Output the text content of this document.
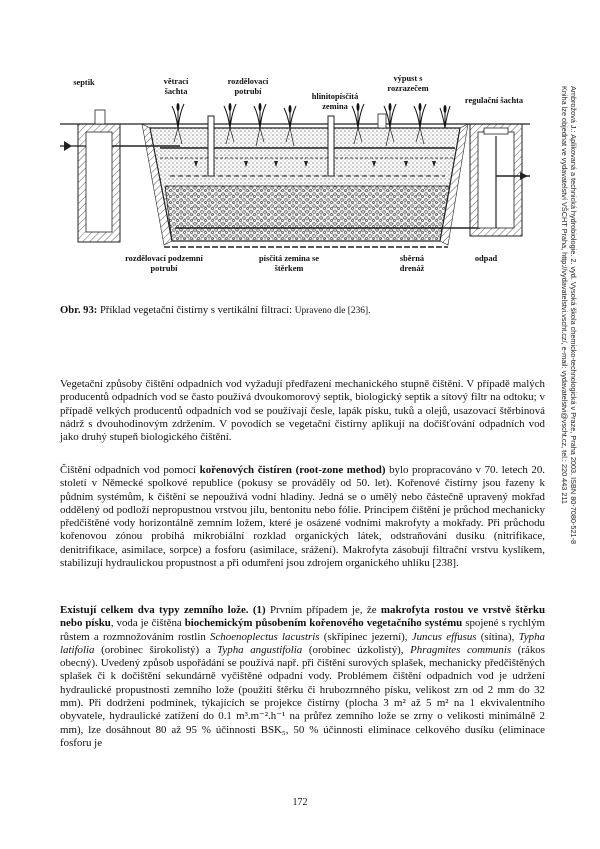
septik	větrací šachta
rozdělovací potrubí
hlinitopísčitá zemina
výpust s rozrazečem
regulační šachta
rozdělovací podzemní potrubí
písčitá zemina se štěrkem
sběrná drenáž
odpad
Obr. 93: Příklad vegetační čistírny s vertikální filtrací: Upraveno dle [236].

Vegetační způsoby čištění odpadních vod vyžadují předřazení mechanického stupně čištění. V případě malých producentů odpadních vod se často používá dvoukomorový septik, biologický septik a sítový filtr na odtoku; v případě velkých producentů odpadních vod se používají česle, lapák písku, tuků a olejů, usazovací štěrbinová nádrž s dvouhodinovým zdržením. V povodích se vegetační čistírny aplikují na dočišťování odpadních vod jako druhý stupeň biologického čištění.

Čištění odpadních vod pomocí kořenových čistíren (root-zone method) bylo propracováno v 70. letech 20. století v Německé spolkové republice (pokusy se prováděly od 50. let). Kořenové čistírny jsou řazeny k půdním systémům, k čištění se nepoužívá vodní hladiny. Jedná se o umělý nebo částečně upravený mokřad oddělený od podloží nepropustnou vrstvou jílu, bentonitu nebo fólie. Principem čištění je průchod mechanicky předčištěné vody horizontálně zemním ložem, které je osázené vodními makrofyty a mokřady. Při průchodu kořenovou zónou probíhá mikrobiální rozklad organických látek, odstraňování dusíku (nitrifikace, denitrifikace, asimilace, sorpce) a fosforu (asimilace, srážení). Makrofyta zásobují filtrační vrstvu kyslíkem, stabilizují hydraulickou propustnost a při odumření jsou zdrojem organického uhlíku [238].

Existují celkem dva typy zemního lože. (1) Prvním případem je, že makrofyta rostou ve vrstvě štěrku nebo písku, voda je čištěna biochemickým působením kořenového vegetačního systému spojené s rychlým růstem a rozmnožováním rostlin Schoenoplectus lacustris (skřípinec jezerní), Juncus effusus (sítina), Typha latifolia (orobinec širokolistý) a Typha angustifolia (orobinec úzkolistý), Phragmites communis (rákos obecný). Uvedený způsob uspořádání se používá např. při čištění surových splašek, mechanicky předčištěných splašek či k dočištění sekundárně vyčištěné odpadní vody. Problémem čištění odpadních vod je udržení hydraulické propustnosti zemního lože (použití štěrku či hrubozrnného písku, velikost zrn od 2 mm do 32 mm). Při dodržení podmínek, týkajících se projekce čistírny (plocha 3 m² až 5 m² na 1 ekvivalentního obyvatele, hydraulické zatížení do 0.1 m³.m⁻².h⁻¹ na průřez zemního lože se zrny o velikosti minimálně 2 mm), lze dosáhnout 80 až 95 % účinnosti BSK₅, 50 % účinnosti eliminace celkového dusíku (eliminace fosforu je

Ambrožová J.: Aplikovaná a technická hydrobiologie. 2. vyd. Vysoká škola chemicko-technologická v Praze, Praha 2003. ISBN 80-7080-521-8
Kniha lze objednat ve vydavatelství VŠCHT Praha, http://vydavatelstvi.vscht.cz/, e-mail: vydavatelstvi@vscht.cz, tel.: 220 443 211
172
